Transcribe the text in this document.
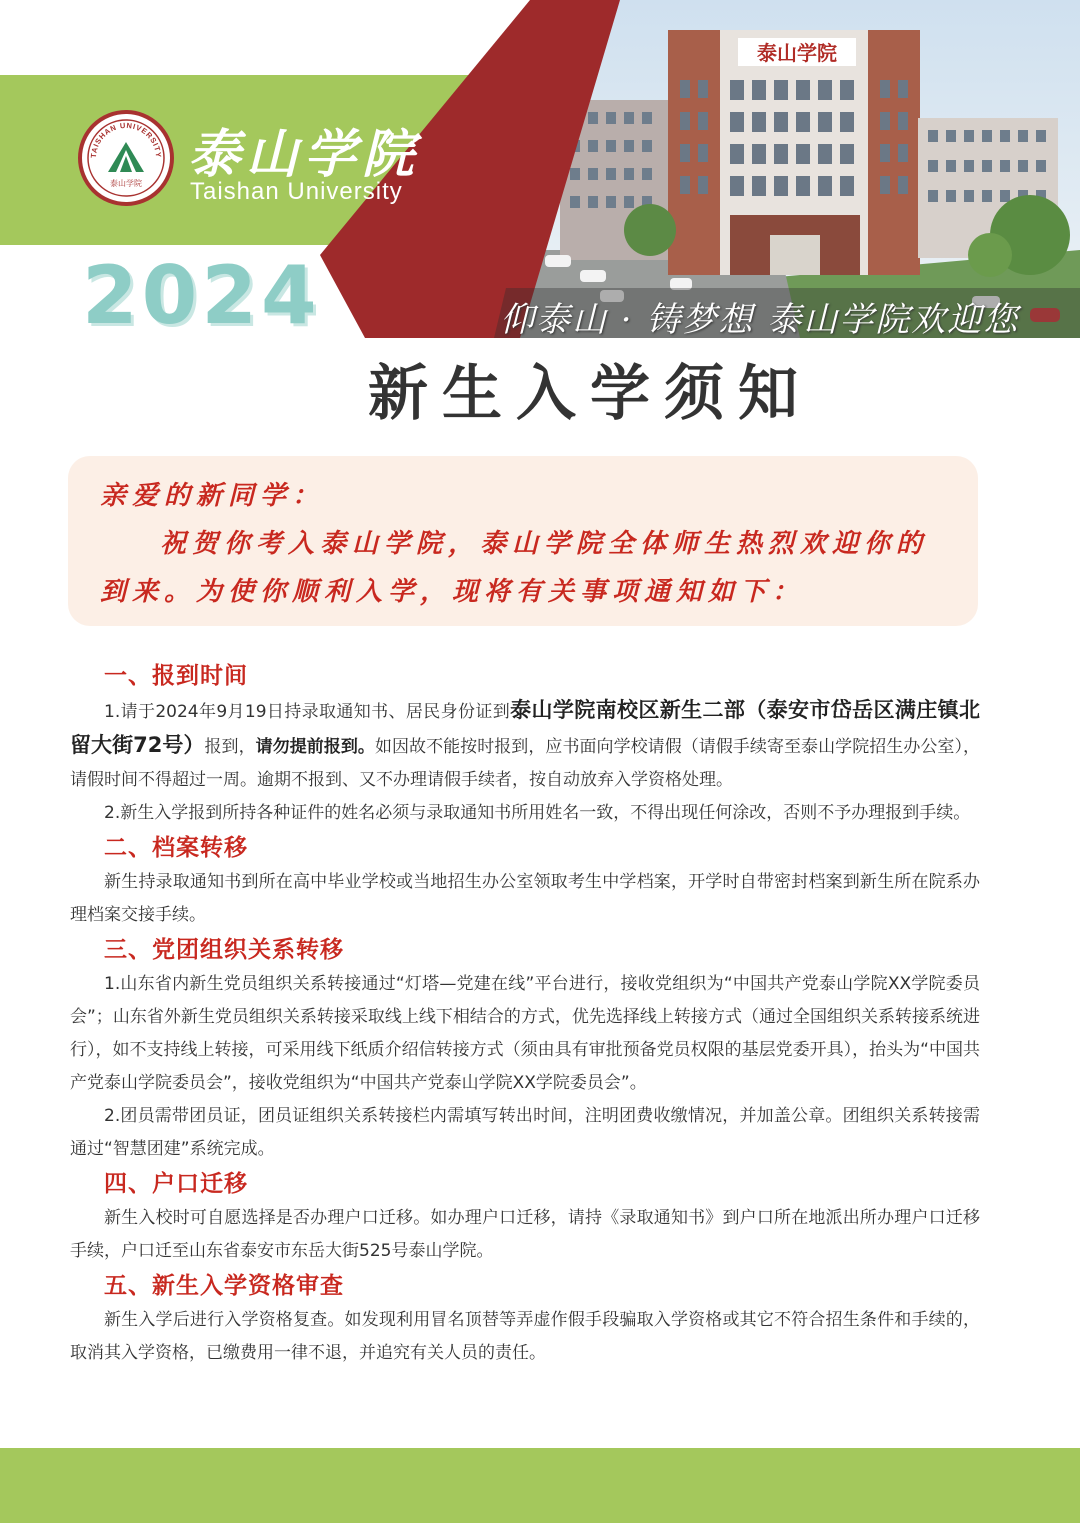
泰山学院
TAISHAN UNIVERSITY
泰山学院 泰山学院
Taishan University
2024	仰泰山 · 铸梦想 泰山学院欢迎您
新生入学须知
亲爱的新同学：
祝贺你考入泰山学院，泰山学院全体师生热烈欢迎你的到来。为使你顺利入学，现将有关事项通知如下：
一、报到时间

1.请于2024年9月19日持录取通知书、居民身份证到泰山学院南校区新生二部（泰安市岱岳区满庄镇北留大街72号）报到，请勿提前报到。如因故不能按时报到，应书面向学校请假（请假手续寄至泰山学院招生办公室），请假时间不得超过一周。逾期不报到、又不办理请假手续者，按自动放弃入学资格处理。

2.新生入学报到所持各种证件的姓名必须与录取通知书所用姓名一致，不得出现任何涂改，否则不予办理报到手续。

二、档案转移

新生持录取通知书到所在高中毕业学校或当地招生办公室领取考生中学档案，开学时自带密封档案到新生所在院系办理档案交接手续。

三、党团组织关系转移

1.山东省内新生党员组织关系转接通过“灯塔—党建在线”平台进行，接收党组织为“中国共产党泰山学院XX学院委员会”；山东省外新生党员组织关系转接采取线上线下相结合的方式，优先选择线上转接方式（通过全国组织关系转接系统进行），如不支持线上转接，可采用线下纸质介绍信转接方式（须由具有审批预备党员权限的基层党委开具），抬头为“中国共产党泰山学院委员会”，接收党组织为“中国共产党泰山学院XX学院委员会”。

2.团员需带团员证，团员证组织关系转接栏内需填写转出时间，注明团费收缴情况，并加盖公章。团组织关系转接需通过“智慧团建”系统完成。

四、户口迁移

新生入校时可自愿选择是否办理户口迁移。如办理户口迁移，请持《录取通知书》到户口所在地派出所办理户口迁移手续，户口迁至山东省泰安市东岳大街525号泰山学院。

五、新生入学资格审查

新生入学后进行入学资格复查。如发现利用冒名顶替等弄虚作假手段骗取入学资格或其它不符合招生条件和手续的，取消其入学资格，已缴费用一律不退，并追究有关人员的责任。
